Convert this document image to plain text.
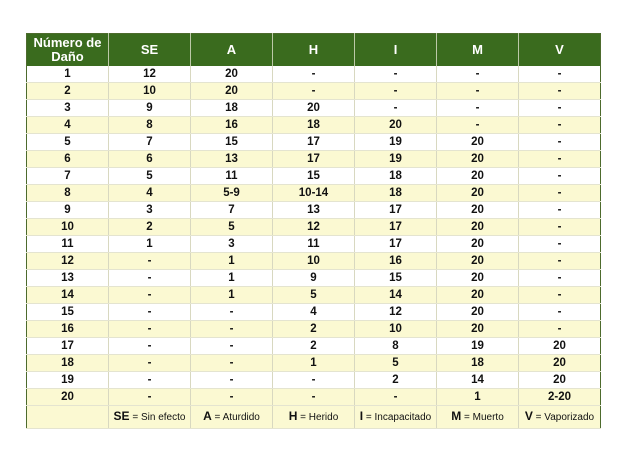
Número de Daño	SE	A	H	I	M	V
1	12	20	-	-	-	-
2	10	20	-	-	-	-
3	9	18	20	-	-	-
4	8	16	18	20	-	-
5	7	15	17	19	20	-
6	6	13	17	19	20	-
7	5	11	15	18	20	-
8	4	5-9	10-14	18	20	-
9	3	7	13	17	20	-
10	2	5	12	17	20	-
11	1	3	11	17	20	-
12	-	1	10	16	20	-
13	-	1	9	15	20	-
14	-	1	5	14	20	-
15	-	-	4	12	20	-
16	-	-	2	10	20	-
17	-	-	2	8	19	20
18	-	-	1	5	18	20
19	-	-	-	2	14	20
20	-	-	-	-	1	2-20
	SE = Sin efecto	A = Aturdido	H = Herido	I = Incapacitado	M = Muerto	V = Vaporizado
